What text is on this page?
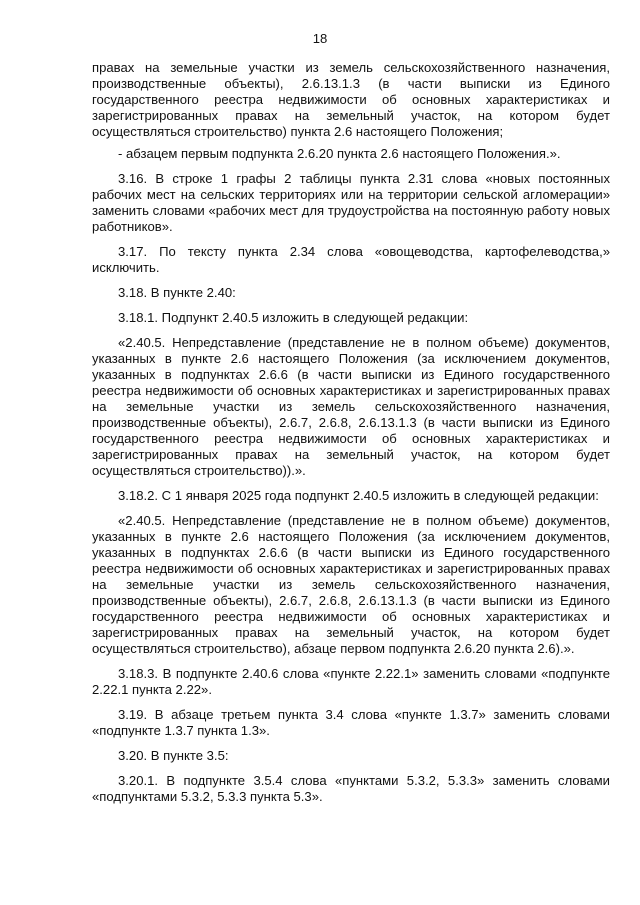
18

правах на земельные участки из земель сельскохозяйственного назначения, производственные объекты), 2.6.13.1.3 (в части выписки из Единого государственного реестра недвижимости об основных характеристиках и зарегистрированных правах на земельный участок, на котором будет осуществляться строительство) пункта 2.6 настоящего Положения;

- абзацем первым подпункта 2.6.20 пункта 2.6 настоящего Положения.».

3.16. В строке 1 графы 2 таблицы пункта 2.31 слова «новых постоянных рабочих мест на сельских территориях или на территории сельской агломерации» заменить словами «рабочих мест для трудоустройства на постоянную работу новых работников».

3.17. По тексту пункта 2.34 слова «овощеводства, картофелеводства,» исключить.

3.18. В пункте 2.40:

3.18.1. Подпункт 2.40.5 изложить в следующей редакции:

«2.40.5. Непредставление (представление не в полном объеме) документов, указанных в пункте 2.6 настоящего Положения (за исключением документов, указанных в подпунктах 2.6.6 (в части выписки из Единого государственного реестра недвижимости об основных характеристиках и зарегистрированных правах на земельные участки из земель сельскохозяйственного назначения, производственные объекты), 2.6.7, 2.6.8, 2.6.13.1.3 (в части выписки из Единого государственного реестра недвижимости об основных характеристиках и зарегистрированных правах на земельный участок, на котором будет осуществляться строительство)).».

3.18.2. С 1 января 2025 года подпункт 2.40.5 изложить в следующей редакции:

«2.40.5. Непредставление (представление не в полном объеме) документов, указанных в пункте 2.6 настоящего Положения (за исключением документов, указанных в подпунктах 2.6.6 (в части выписки из Единого государственного реестра недвижимости об основных характеристиках и зарегистрированных правах на земельные участки из земель сельскохозяйственного назначения, производственные объекты), 2.6.7, 2.6.8, 2.6.13.1.3 (в части выписки из Единого государственного реестра недвижимости об основных характеристиках и зарегистрированных правах на земельный участок, на котором будет осуществляться строительство), абзаце первом подпункта 2.6.20 пункта 2.6).».

3.18.3. В подпункте 2.40.6 слова «пункте 2.22.1» заменить словами «подпункте 2.22.1 пункта 2.22».

3.19. В абзаце третьем пункта 3.4 слова «пункте 1.3.7» заменить словами «подпункте 1.3.7 пункта 1.3».

3.20. В пункте 3.5:

3.20.1. В подпункте 3.5.4 слова «пунктами 5.3.2, 5.3.3» заменить словами «подпунктами 5.3.2, 5.3.3 пункта 5.3».
